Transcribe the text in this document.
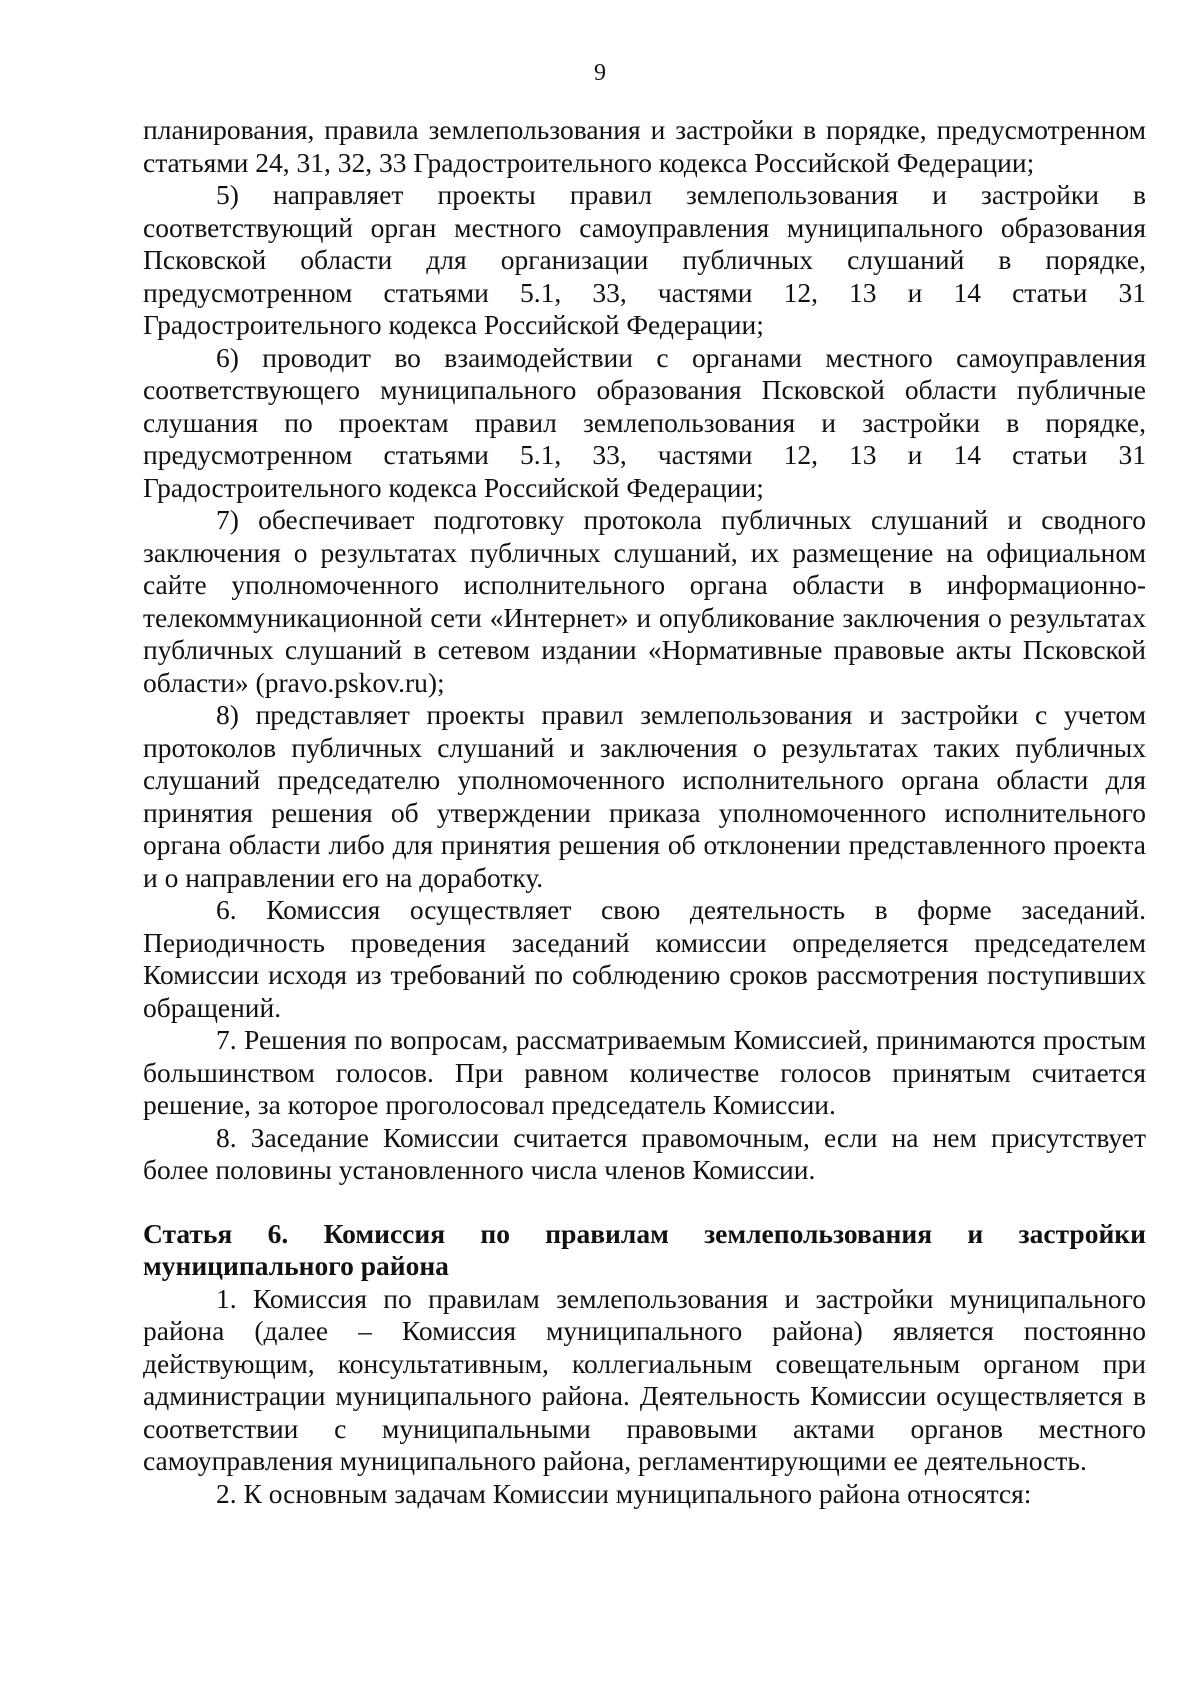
9

планирования, правила землепользования и застройки в порядке, предусмотренном статьями 24, 31, 32, 33 Градостроительного кодекса Российской Федерации;

5) направляет проекты правил землепользования и застройки в соответствующий орган местного самоуправления муниципального образования Псковской области для организации публичных слушаний в порядке, предусмотренном статьями 5.1, 33, частями 12, 13 и 14 статьи 31 Градостроительного кодекса Российской Федерации;

6) проводит во взаимодействии с органами местного самоуправления соответствующего муниципального образования Псковской области публичные слушания по проектам правил землепользования и застройки в порядке, предусмотренном статьями 5.1, 33, частями 12, 13 и 14 статьи 31 Градостроительного кодекса Российской Федерации;

7) обеспечивает подготовку протокола публичных слушаний и сводного заключения о результатах публичных слушаний, их размещение на официальном сайте уполномоченного исполнительного органа области в информационно-телекоммуникационной сети «Интернет» и опубликование заключения о результатах публичных слушаний в сетевом издании «Нормативные правовые акты Псковской области» (pravo.pskov.ru);

8) представляет проекты правил землепользования и застройки с учетом протоколов публичных слушаний и заключения о результатах таких публичных слушаний председателю уполномоченного исполнительного органа области для принятия решения об утверждении приказа уполномоченного исполнительного органа области либо для принятия решения об отклонении представленного проекта и о направлении его на доработку.

6. Комиссия осуществляет свою деятельность в форме заседаний. Периодичность проведения заседаний комиссии определяется председателем Комиссии исходя из требований по соблюдению сроков рассмотрения поступивших обращений.

7. Решения по вопросам, рассматриваемым Комиссией, принимаются простым большинством голосов. При равном количестве голосов принятым считается решение, за которое проголосовал председатель Комиссии.

8. Заседание Комиссии считается правомочным, если на нем присутствует более половины установленного числа членов Комиссии.

Статья 6. Комиссия по правилам землепользования и застройки муниципального района

1. Комиссия по правилам землепользования и застройки муниципального района (далее – Комиссия муниципального района) является постоянно действующим, консультативным, коллегиальным совещательным органом при администрации муниципального района. Деятельность Комиссии осуществляется в соответствии с муниципальными правовыми актами органов местного самоуправления муниципального района, регламентирующими ее деятельность.

2. К основным задачам Комиссии муниципального района относятся:
